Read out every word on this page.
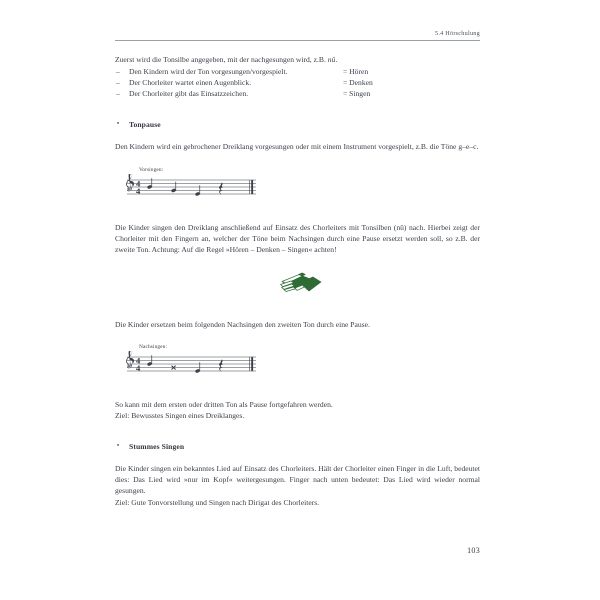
5.4 Hörschulung

Zuerst wird die Tonsilbe angegeben, mit der nachgesungen wird, z.B. nû.

– Den Kindern wird der Ton vorgesungen/vorgespielt.	= Hören
– Der Chorleiter wartet einen Augenblick.	= Denken
– Der Chorleiter gibt das Einsatzzeichen.	= Singen
• Tonpause

Den Kindern wird ein gebrochener Dreiklang vorgesungen oder mit einem Instrument vorgespielt, z.B. die Töne g–e–c.

Vorsingen:
4
4

Die Kinder singen den Dreiklang anschließend auf Einsatz des Chorleiters mit Tonsilben (nû) nach. Hierbei zeigt der Chorleiter mit den Fingern an, welcher der Töne beim Nachsingen durch eine Pause ersetzt werden soll, so z.B. der zweite Ton. Achtung: Auf die Regel »Hören – Denken – Singen« achten!

Die Kinder ersetzen beim folgenden Nachsingen den zweiten Ton durch eine Pause.

Nachsingen:
4
4

So kann mit dem ersten oder dritten Ton als Pause fortgefahren werden.

Ziel: Bewusstes Singen eines Dreiklanges.

• Stummes Singen

Die Kinder singen ein bekanntes Lied auf Einsatz des Chorleiters. Hält der Chorleiter einen Finger in die Luft, bedeutet dies: Das Lied wird »nur im Kopf« weitergesungen. Finger nach unten bedeutet: Das Lied wird wieder normal gesungen.

Ziel: Gute Tonvorstellung und Singen nach Dirigat des Chorleiters.

103
